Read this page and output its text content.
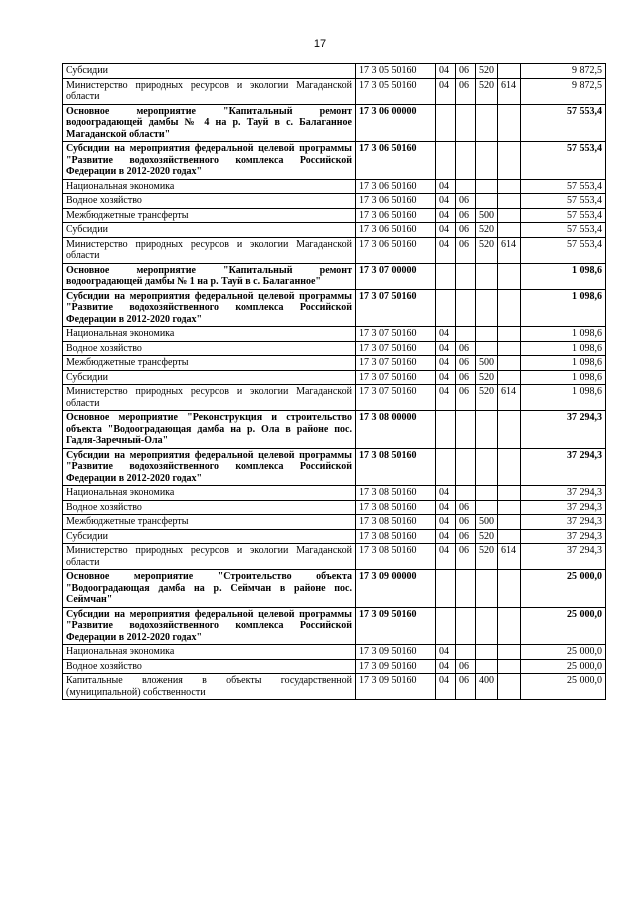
17
Субсидии	17 3 05 50160	04	06	520		9 872,5
Министерство природных ресурсов и экологии Магаданской области	17 3 05 50160	04	06	520	614	9 872,5
Основное мероприятие "Капитальный ремонт водооградающей дамбы № 4 на р. Тауй в с. Балаганное Магаданской области"	17 3 06 00000					57 553,4
Субсидии на мероприятия федеральной целевой программы "Развитие водохозяйственного комплекса Российской Федерации в 2012-2020 годах"	17 3 06 50160					57 553,4
Национальная экономика	17 3 06 50160	04				57 553,4
Водное хозяйство	17 3 06 50160	04	06			57 553,4
Межбюджетные трансферты	17 3 06 50160	04	06	500		57 553,4
Субсидии	17 3 06 50160	04	06	520		57 553,4
Министерство природных ресурсов и экологии Магаданской области	17 3 06 50160	04	06	520	614	57 553,4
Основное мероприятие "Капитальный ремонт водооградающей дамбы № 1 на р. Тауй в с. Балаганное"	17 3 07 00000					1 098,6
Субсидии на мероприятия федеральной целевой программы "Развитие водохозяйственного комплекса Российской Федерации в 2012-2020 годах"	17 3 07 50160					1 098,6
Национальная экономика	17 3 07 50160	04				1 098,6
Водное хозяйство	17 3 07 50160	04	06			1 098,6
Межбюджетные трансферты	17 3 07 50160	04	06	500		1 098,6
Субсидии	17 3 07 50160	04	06	520		1 098,6
Министерство природных ресурсов и экологии Магаданской области	17 3 07 50160	04	06	520	614	1 098,6
Основное мероприятие "Реконструкция и строительство объекта "Водооградающая дамба на р. Ола в районе пос. Гадля-Заречный-Ола"	17 3 08 00000					37 294,3
Субсидии на мероприятия федеральной целевой программы "Развитие водохозяйственного комплекса Российской Федерации в 2012-2020 годах"	17 3 08 50160					37 294,3
Национальная экономика	17 3 08 50160	04				37 294,3
Водное хозяйство	17 3 08 50160	04	06			37 294,3
Межбюджетные трансферты	17 3 08 50160	04	06	500		37 294,3
Субсидии	17 3 08 50160	04	06	520		37 294,3
Министерство природных ресурсов и экологии Магаданской области	17 3 08 50160	04	06	520	614	37 294,3
Основное мероприятие "Строительство объекта "Водооградающая дамба на р. Сеймчан в районе пос. Сеймчан"	17 3 09 00000					25 000,0
Субсидии на мероприятия федеральной целевой программы "Развитие водохозяйственного комплекса Российской Федерации в 2012-2020 годах"	17 3 09 50160					25 000,0
Национальная экономика	17 3 09 50160	04				25 000,0
Водное хозяйство	17 3 09 50160	04	06			25 000,0
Капитальные вложения в объекты государственной (муниципальной) собственности	17 3 09 50160	04	06	400		25 000,0
